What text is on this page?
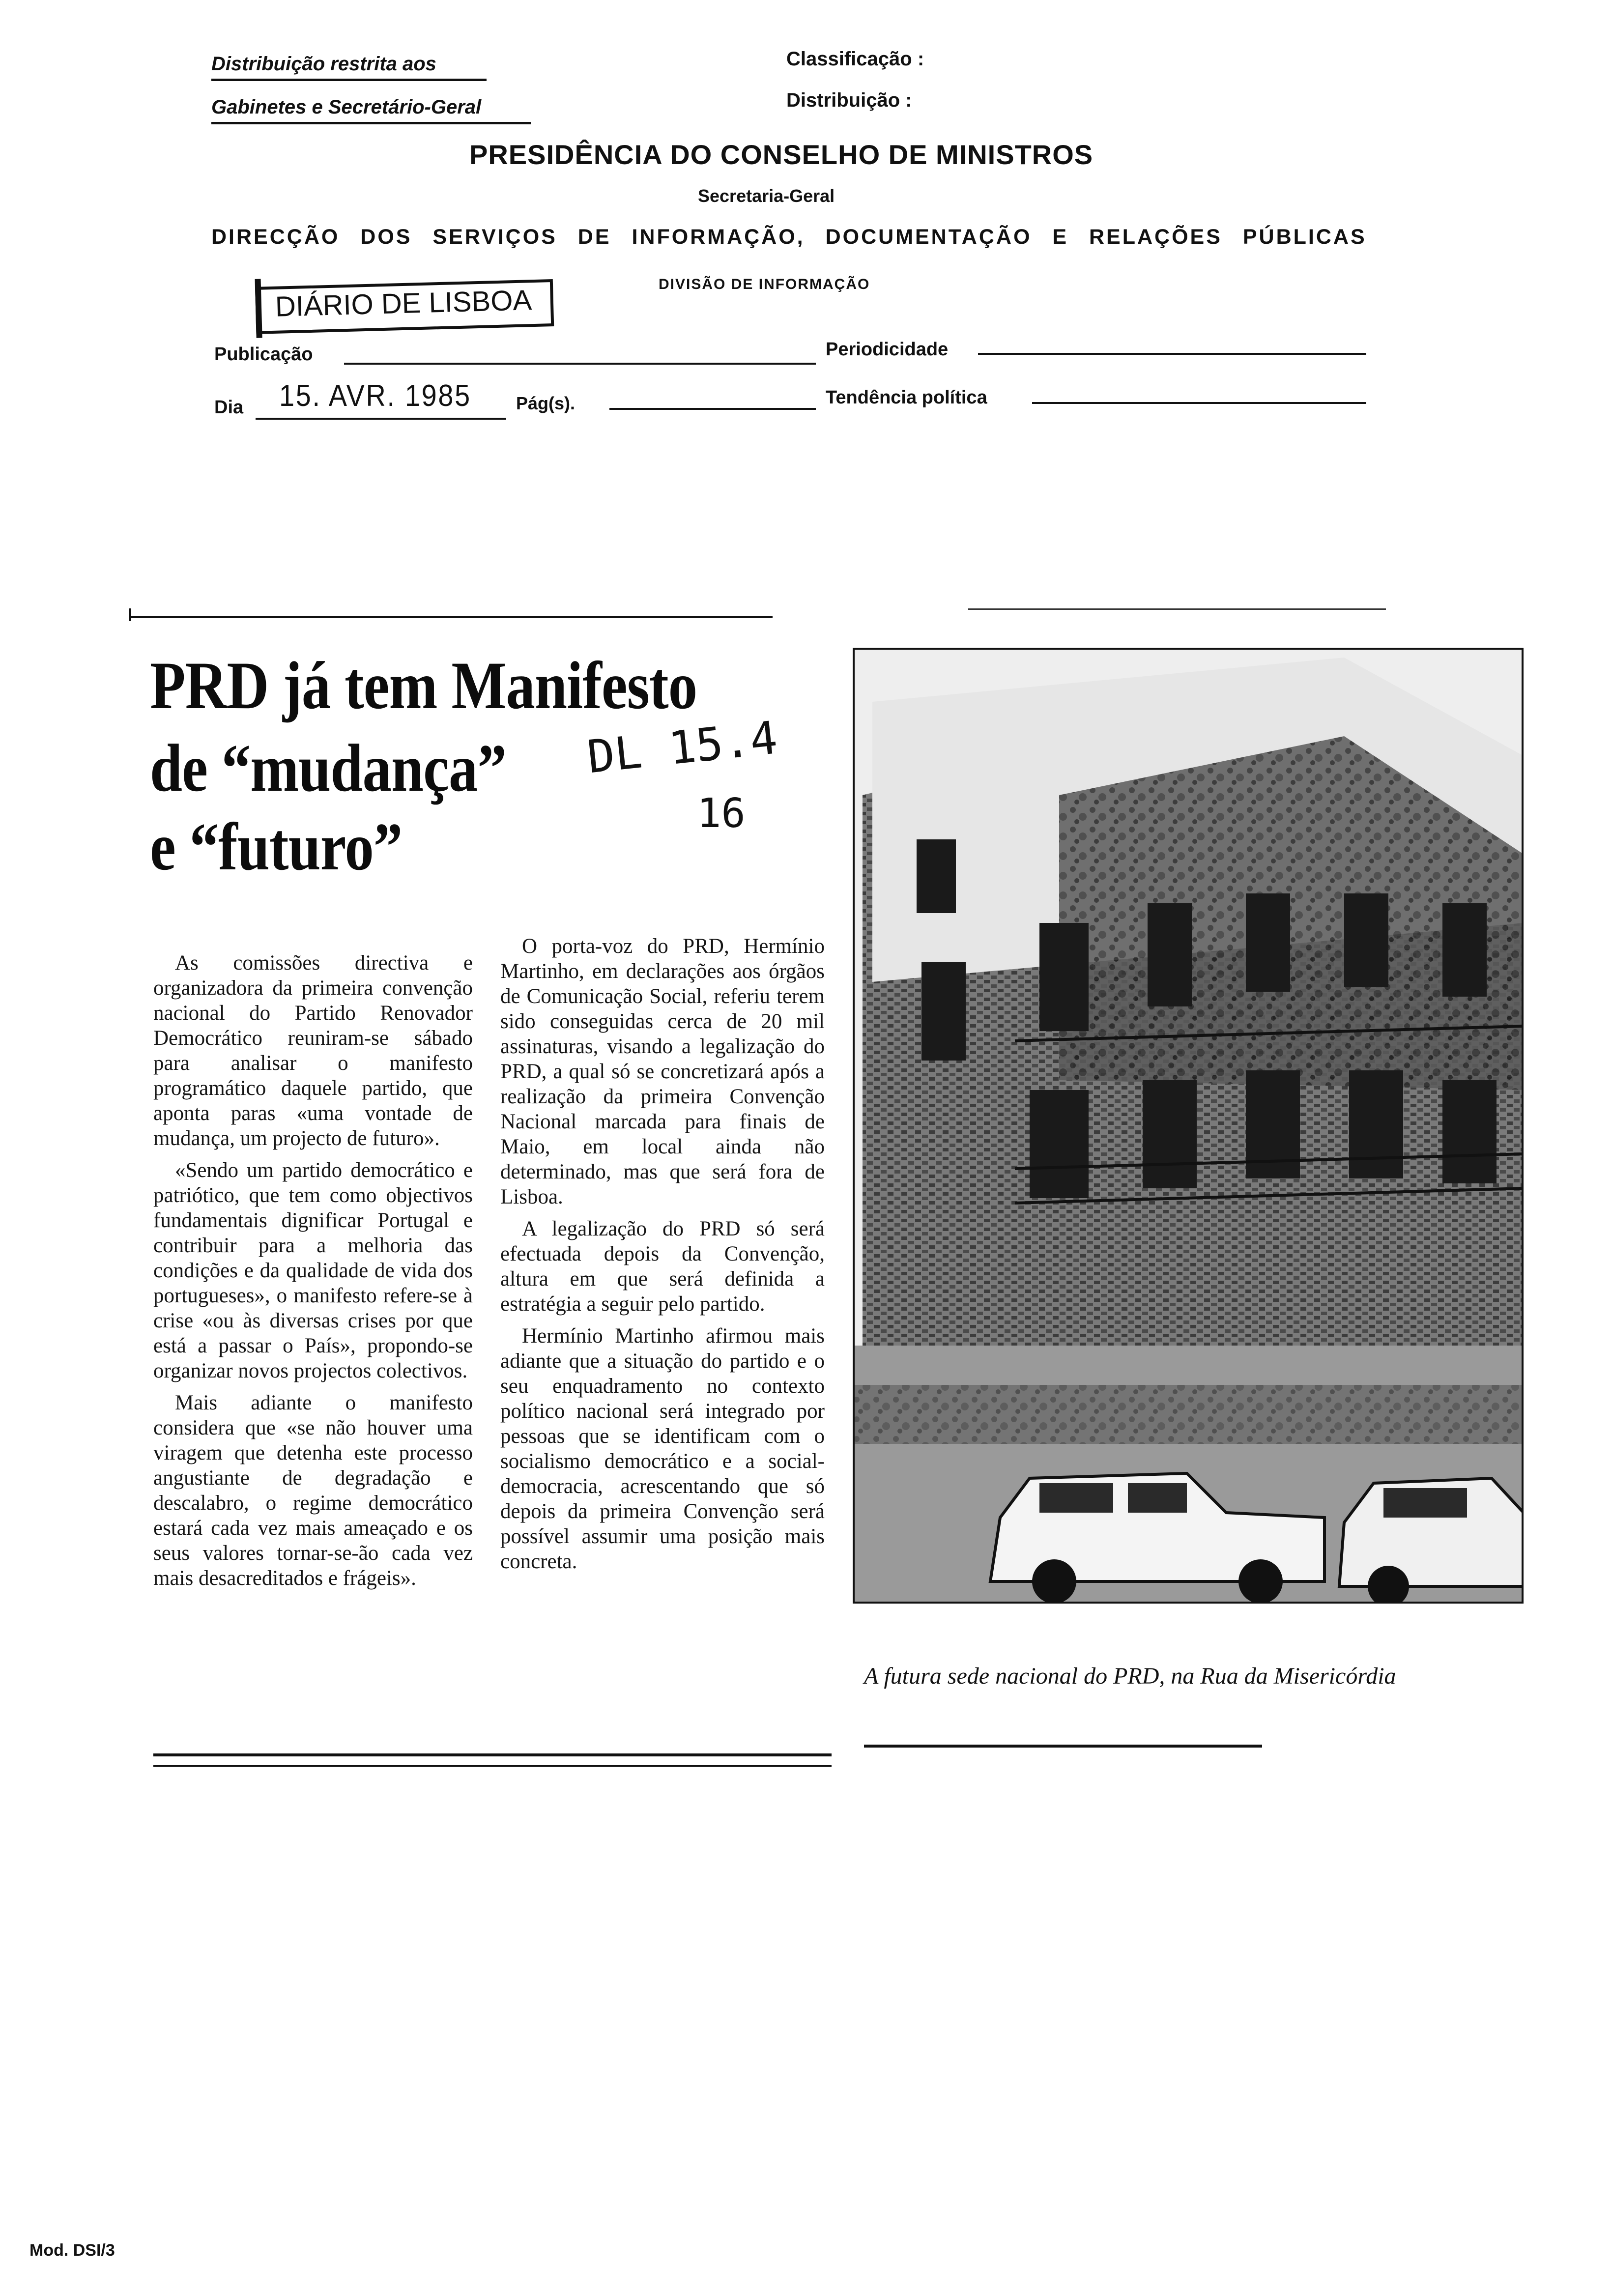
Distribuição restrita aos
Gabinetes e Secretário-Geral
Classificação :
Distribuição :
PRESIDÊNCIA DO CONSELHO DE MINISTROS
Secretaria-Geral
DIRECÇÃO DOS SERVIÇOS DE INFORMAÇÃO, DOCUMENTAÇÃO E RELAÇÕES PÚBLICAS
DIVISÃO DE INFORMAÇÃO
DIÁRIO DE LISBOA
Publicação	Periodicidade
Dia 15. AVR. 1985	Pág(s).	Tendência política
PRD já tem Manifesto
de “mudança”
e “futuro”
DL 15.4
16

As comissões directiva e organizadora da primeira convenção nacional do Partido Renovador Democrático reuniram-se sábado para analisar o manifesto programático daquele partido, que aponta paras «uma vontade de mudança, um projecto de futuro».

«Sendo um partido democrático e patriótico, que tem como objectivos fundamentais dignificar Portugal e contribuir para a melhoria das condições e da qualidade de vida dos portugueses», o manifesto refere-se à crise «ou às diversas crises por que está a passar o País», propondo-se organizar novos projectos colectivos.

Mais adiante o manifesto considera que «se não houver uma viragem que detenha este processo angustiante de degradação e descalabro, o regime democrático estará cada vez mais ameaçado e os seus valores tornar-se-ão cada vez mais desacreditados e frágeis».

O porta-voz do PRD, Hermínio Martinho, em declarações aos órgãos de Comunicação Social, referiu terem sido conseguidas cerca de 20 mil assinaturas, visando a legalização do PRD, a qual só se concretizará após a realização da primeira Convenção Nacional marcada para finais de Maio, em local ainda não determinado, mas que será fora de Lisboa.

A legalização do PRD só será efectuada depois da Convenção, altura em que será definida a estratégia a seguir pelo partido.

Hermínio Martinho afirmou mais adiante que a situação do partido e o seu enquadramento no contexto político nacional será integrado por pessoas que se identificam com o socialismo democrático e a social-democracia, acrescentando que só depois da primeira Convenção será possível assumir uma posição mais concreta.

A futura sede nacional do PRD, na Rua da Misericórdia
Mod. DSI/3
